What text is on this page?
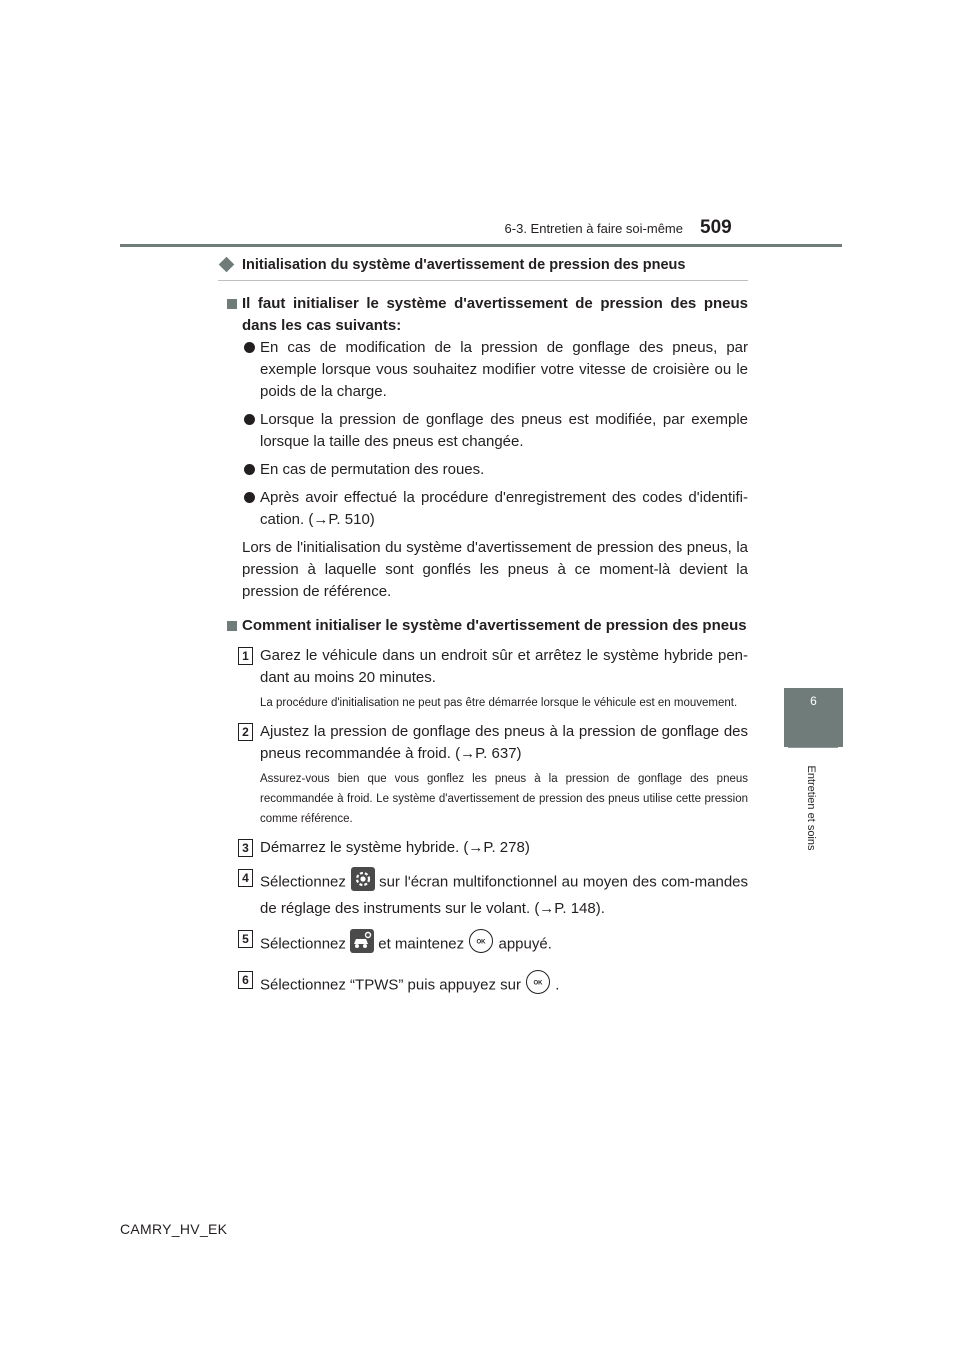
6-3. Entretien à faire soi-même 509
6
Entretien et soins
Initialisation du système d'avertissement de pression des pneus
Il faut initialiser le système d'avertissement de pression des pneus dans les cas suivants:
En cas de modification de la pression de gonflage des pneus, par exemple lorsque vous souhaitez modifier votre vitesse de croisière ou le poids de la charge.
Lorsque la pression de gonflage des pneus est modifiée, par exemple lorsque la taille des pneus est changée.
En cas de permutation des roues.
Après avoir effectué la procédure d'enregistrement des codes d'identifi-cation. (→P. 510)
Lors de l'initialisation du système d'avertissement de pression des pneus, la pression à laquelle sont gonflés les pneus à ce moment-là devient la pression de référence.
Comment initialiser le système d'avertissement de pression des pneus
1 Garez le véhicule dans un endroit sûr et arrêtez le système hybride pen-dant au moins 20 minutes.
La procédure d'initialisation ne peut pas être démarrée lorsque le véhicule est en mouvement.
2 Ajustez la pression de gonflage des pneus à la pression de gonflage des pneus recommandée à froid. (→P. 637)
Assurez-vous bien que vous gonflez les pneus à la pression de gonflage des pneus recommandée à froid. Le système d'avertissement de pression des pneus utilise cette pression comme référence.
3 Démarrez le système hybride. (→P. 278)
4 Sélectionnez sur l'écran multifonctionnel au moyen des com-mandes de réglage des instruments sur le volant. (→P. 148).
5 Sélectionnez et maintenez OK appuyé.
6 Sélectionnez “TPWS” puis appuyez sur OK .
CAMRY_HV_EK
